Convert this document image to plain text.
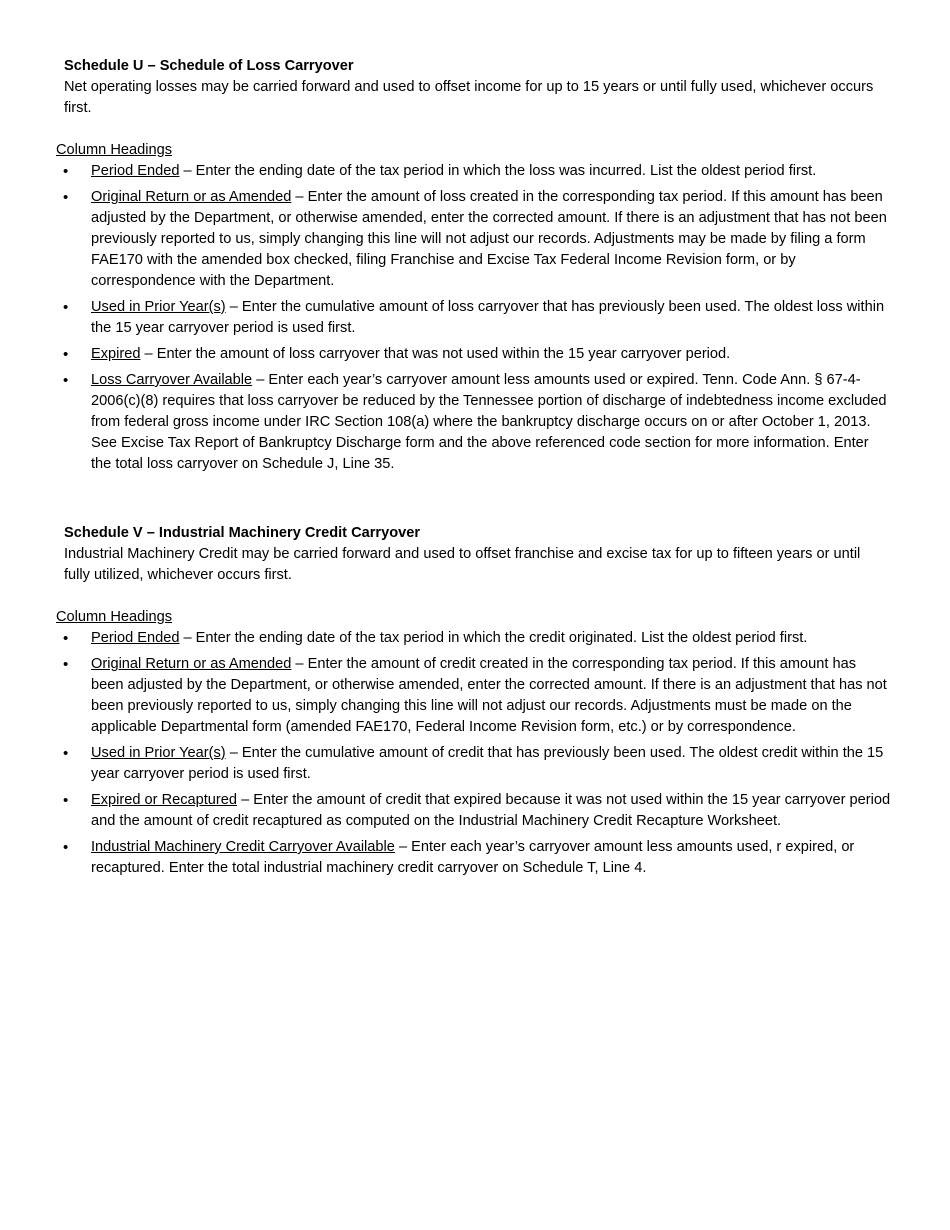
Schedule U – Schedule of Loss Carryover
Net operating losses may be carried forward and used to offset income for up to 15 years or until fully used, whichever occurs first.
Column Headings
• Period Ended – Enter the ending date of the tax period in which the loss was incurred. List the oldest period first.
• Original Return or as Amended – Enter the amount of loss created in the corresponding tax period. If this amount has been adjusted by the Department, or otherwise amended, enter the corrected amount. If there is an adjustment that has not been previously reported to us, simply changing this line will not adjust our records. Adjustments may be made by filing a form FAE170 with the amended box checked, filing Franchise and Excise Tax Federal Income Revision form, or by correspondence with the Department.
• Used in Prior Year(s) – Enter the cumulative amount of loss carryover that has previously been used. The oldest loss within the 15 year carryover period is used first.
• Expired – Enter the amount of loss carryover that was not used within the 15 year carryover period.
• Loss Carryover Available – Enter each year’s carryover amount less amounts used or expired. Tenn. Code Ann. § 67-4-2006(c)(8) requires that loss carryover be reduced by the Tennessee portion of discharge of indebtedness income excluded from federal gross income under IRC Section 108(a) where the bankruptcy discharge occurs on or after October 1, 2013. See Excise Tax Report of Bankruptcy Discharge form and the above referenced code section for more information. Enter the total loss carryover on Schedule J, Line 35.
Schedule V – Industrial Machinery Credit Carryover
Industrial Machinery Credit may be carried forward and used to offset franchise and excise tax for up to fifteen years or until fully utilized, whichever occurs first.
Column Headings
• Period Ended – Enter the ending date of the tax period in which the credit originated. List the oldest period first.
• Original Return or as Amended – Enter the amount of credit created in the corresponding tax period. If this amount has been adjusted by the Department, or otherwise amended, enter the corrected amount. If there is an adjustment that has not been previously reported to us, simply changing this line will not adjust our records. Adjustments must be made on the applicable Departmental form (amended FAE170, Federal Income Revision form, etc.) or by correspondence.
• Used in Prior Year(s) – Enter the cumulative amount of credit that has previously been used. The oldest credit within the 15 year carryover period is used first.
• Expired or Recaptured – Enter the amount of credit that expired because it was not used within the 15 year carryover period and the amount of credit recaptured as computed on the Industrial Machinery Credit Recapture Worksheet.
• Industrial Machinery Credit Carryover Available – Enter each year’s carryover amount less amounts used, r expired, or recaptured. Enter the total industrial machinery credit carryover on Schedule T, Line 4.
